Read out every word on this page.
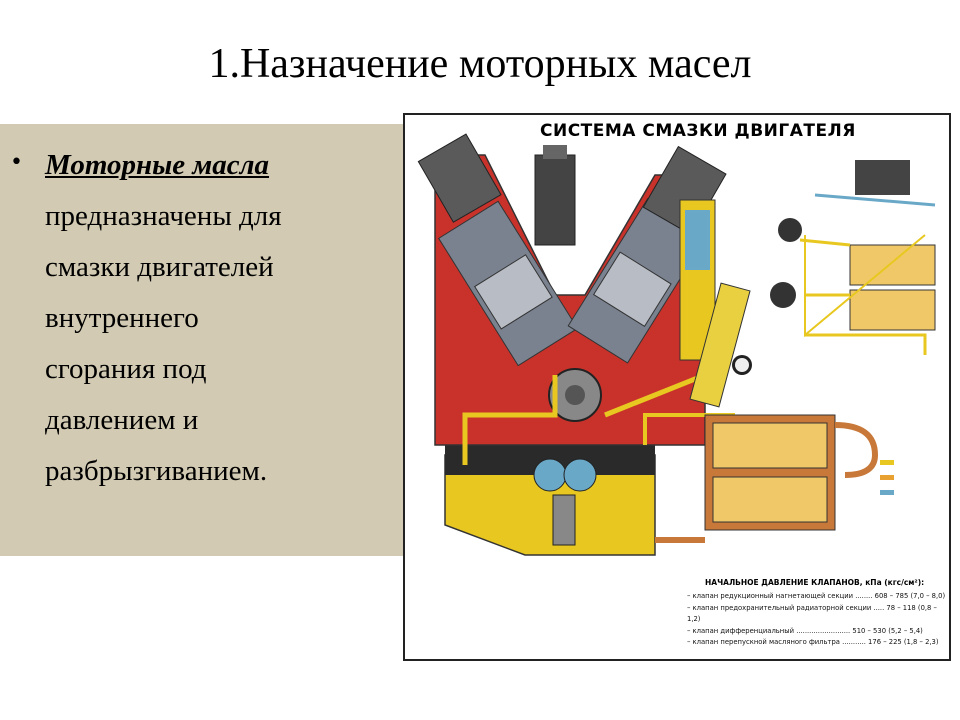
1.Назначение моторных масел
• Моторные масла
предназначены для
смазки двигателей
внутреннего
сгорания под
давлением и
разбрызгиванием.
СИСТЕМА СМАЗКИ ДВИГАТЕЛЯ
НАЧАЛЬНОЕ ДАВЛЕНИЕ КЛАПАНОВ, кПа (кгс/см²):
– клапан редукционный нагнетающей секции ........ 608 – 785 (7,0 – 8,0)
– клапан предохранительный радиаторной секции ..... 78 – 118 (0,8 – 1,2)
– клапан дифференциальный ......................... 510 – 530 (5,2 – 5,4)
– клапан перепускной масляного фильтра ........... 176 – 225 (1,8 – 2,3)
